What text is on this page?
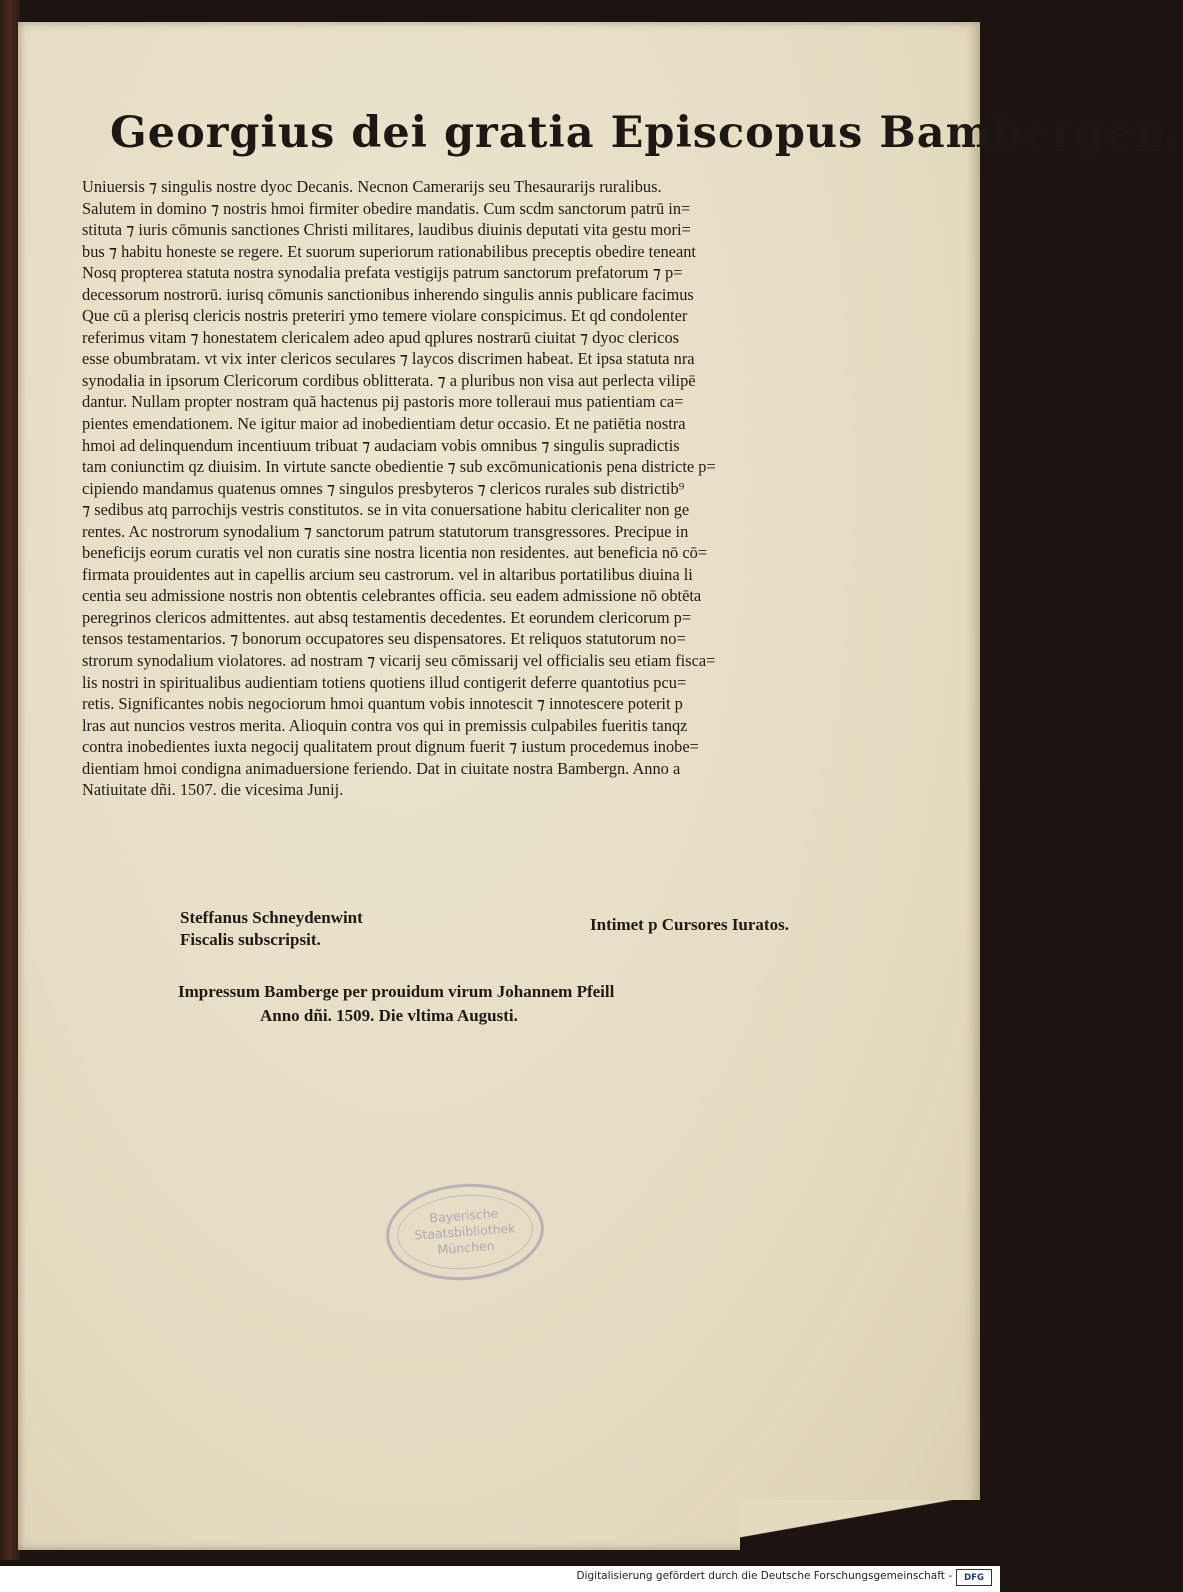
Georgius dei gratia Episcopus Bambergen.
Uniuersis ⁊ singulis nostre dyoc Decanis. Necnon Camerarijs seu Thesaurarijs ruralibus.
Salutem in domino ⁊ nostris hmoi firmiter obedire mandatis. Cum scdm sanctorum patrū in=
stituta ⁊ iuris cōmunis sanctiones Christi militares, laudibus diuinis deputati vita gestu mori=
bus ⁊ habitu honeste se regere. Et suorum superiorum rationabilibus preceptis obedire teneant
Nosq propterea statuta nostra synodalia prefata vestigijs patrum sanctorum prefatorum ⁊ p=
decessorum nostrorū. iurisq cōmunis sanctionibus inherendo singulis annis publicare facimus
Que cū a plerisq clericis nostris preteriri ymo temere violare conspicimus. Et qd condolenter
referimus vitam ⁊ honestatem clericalem adeo apud qplures nostrarū ciuitat ⁊ dyoc clericos
esse obumbratam. vt vix inter clericos seculares ⁊ laycos discrimen habeat. Et ipsa statuta nra
synodalia in ipsorum Clericorum cordibus oblitterata. ⁊ a pluribus non visa aut perlecta vilipē
dantur. Nullam propter nostram quā hactenus pij pastoris more tolleraui mus patientiam ca=
pientes emendationem. Ne igitur maior ad inobedientiam detur occasio. Et ne patiētia nostra
hmoi ad delinquendum incentiuum tribuat ⁊ audaciam vobis omnibus ⁊ singulis supradictis
tam coniunctim qz diuisim. In virtute sancte obedientie ⁊ sub excōmunicationis pena districte p=
cipiendo mandamus quatenus omnes ⁊ singulos presbyteros ⁊ clericos rurales sub districtib⁹
⁊ sedibus atq parrochijs vestris constitutos. se in vita conuersatione habitu clericaliter non ge
rentes. Ac nostrorum synodalium ⁊ sanctorum patrum statutorum transgressores. Precipue in
beneficijs eorum curatis vel non curatis sine nostra licentia non residentes. aut beneficia nō cō=
firmata prouidentes aut in capellis arcium seu castrorum. vel in altaribus portatilibus diuina li
centia seu admissione nostris non obtentis celebrantes officia. seu eadem admissione nō obtēta
peregrinos clericos admittentes. aut absq testamentis decedentes. Et eorundem clericorum p=
tensos testamentarios. ⁊ bonorum occupatores seu dispensatores. Et reliquos statutorum no=
strorum synodalium violatores. ad nostram ⁊ vicarij seu cōmissarij vel officialis seu etiam fisca=
lis nostri in spiritualibus audientiam totiens quotiens illud contigerit deferre quantotius pcu=
retis. Significantes nobis negociorum hmoi quantum vobis innotescit ⁊ innotescere poterit p
lras aut nuncios vestros merita. Alioquin contra vos qui in premissis culpabiles fueritis tanqz
contra inobedientes iuxta negocij qualitatem prout dignum fuerit ⁊ iustum procedemus inobe=
dientiam hmoi condigna animaduersione feriendo. Dat in ciuitate nostra Bambergn. Anno a
Natiuitate dñi. 1507. die vicesima Junij.
Steffanus Schneydenwint
Fiscalis subscripsit.
Intimet p Cursores Iuratos.
Impressum Bamberge per prouidum virum Johannem Pfeill
Anno dñi. 1509. Die vltima Augusti.
Bayerische
Staatsbibliothek
München
Digitalisierung gefördert durch die Deutsche Forschungsgemeinschaft -	DFG
